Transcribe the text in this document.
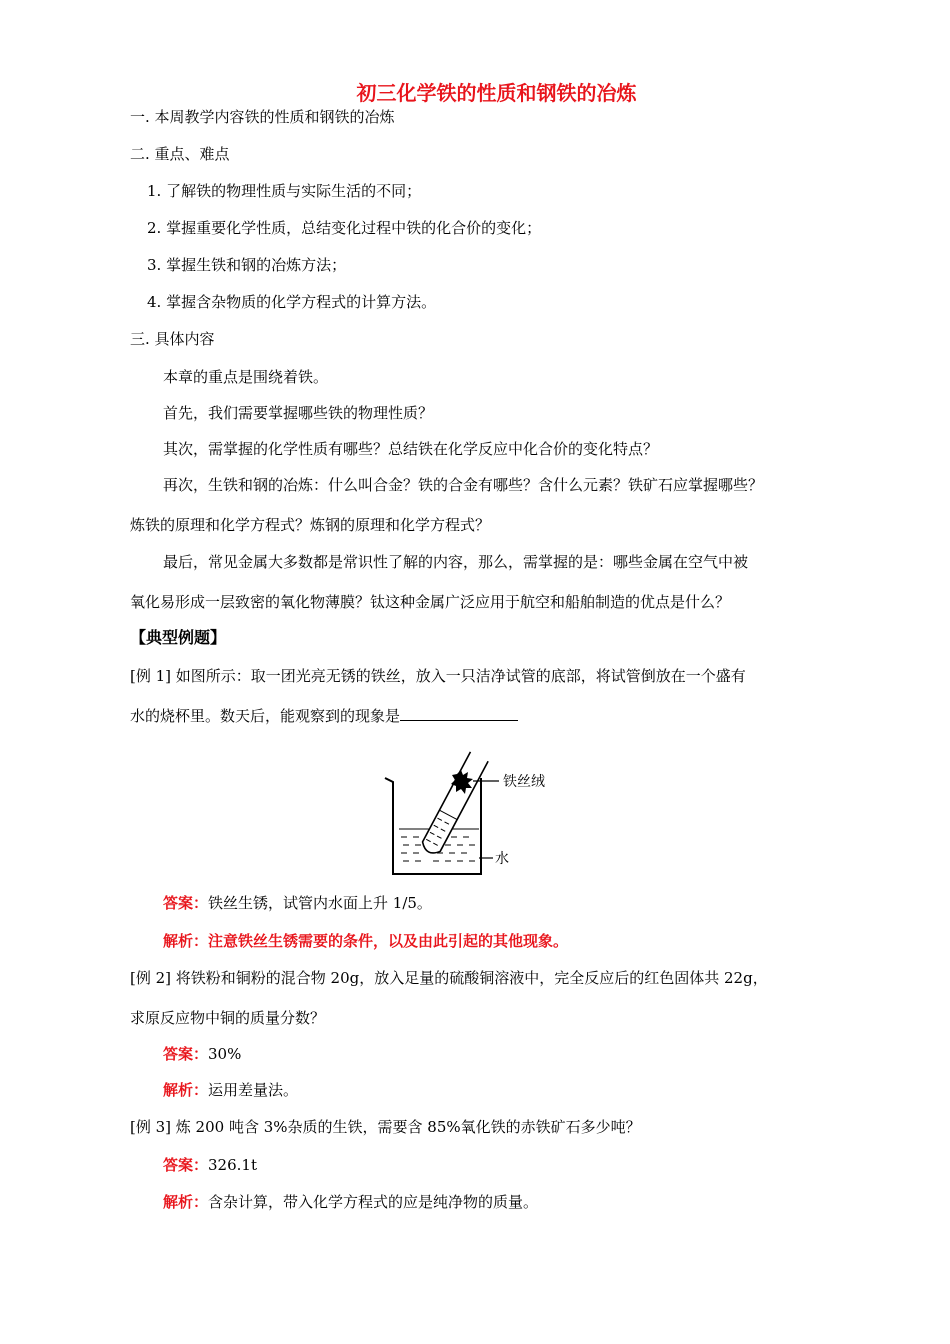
初三化学铁的性质和钢铁的冶炼
一. 本周教学内容铁的性质和钢铁的冶炼
二. 重点、难点
1. 了解铁的物理性质与实际生活的不同；
2. 掌握重要化学性质，总结变化过程中铁的化合价的变化；
3. 掌握生铁和钢的冶炼方法；
4. 掌握含杂物质的化学方程式的计算方法。
三. 具体内容
本章的重点是围绕着铁。
首先，我们需要掌握哪些铁的物理性质？
其次，需掌握的化学性质有哪些？总结铁在化学反应中化合价的变化特点？
再次，生铁和钢的冶炼：什么叫合金？铁的合金有哪些？含什么元素？铁矿石应掌握哪些？
炼铁的原理和化学方程式？炼钢的原理和化学方程式？
最后，常见金属大多数都是常识性了解的内容，那么，需掌握的是：哪些金属在空气中被
氧化易形成一层致密的氧化物薄膜？钛这种金属广泛应用于航空和船舶制造的优点是什么？
【典型例题】
[例 1] 如图所示：取一团光亮无锈的铁丝，放入一只洁净试管的底部，将试管倒放在一个盛有
水的烧杯里。数天后，能观察到的现象是
铁丝绒
水
答案：铁丝生锈，试管内水面上升 1/5。
解析：注意铁丝生锈需要的条件，以及由此引起的其他现象。
[例 2] 将铁粉和铜粉的混合物 20g，放入足量的硫酸铜溶液中，完全反应后的红色固体共 22g，
求原反应物中铜的质量分数？
答案：30%
解析：运用差量法。
[例 3] 炼 200 吨含 3%杂质的生铁，需要含 85%氧化铁的赤铁矿石多少吨？
答案：326.1t
解析：含杂计算，带入化学方程式的应是纯净物的质量。
